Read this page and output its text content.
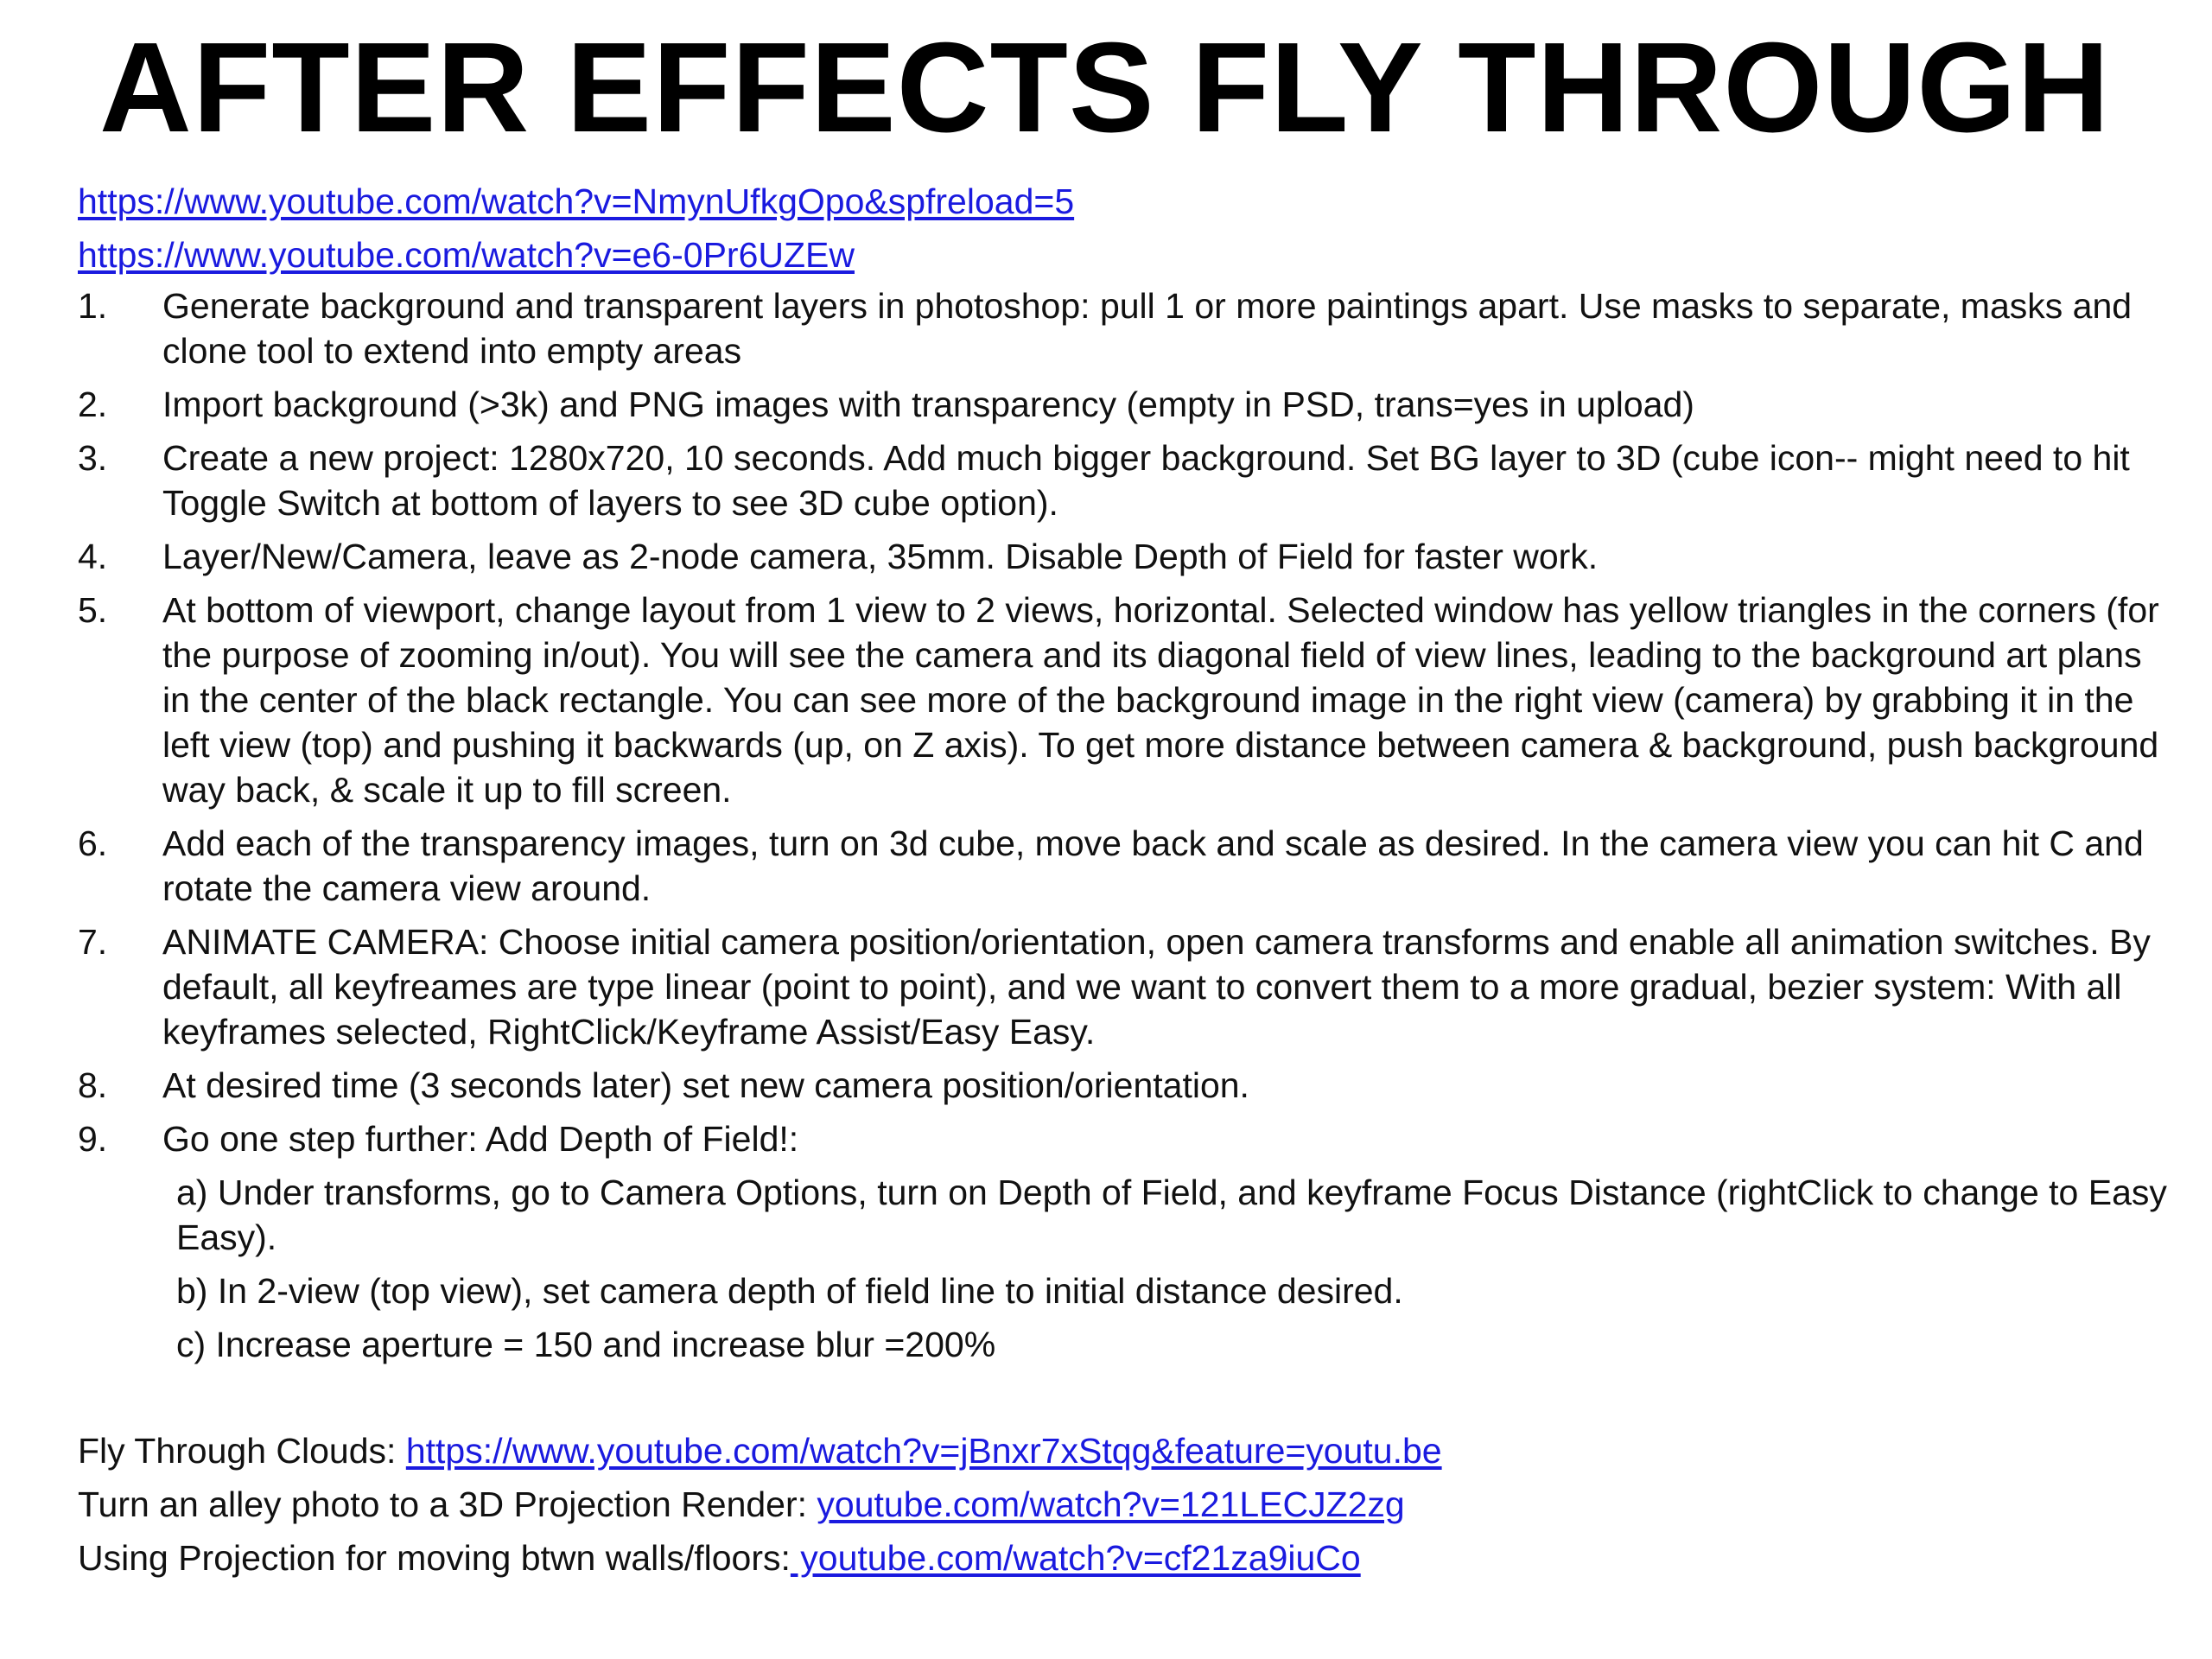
AFTER EFFECTS FLY THROUGH
https://www.youtube.com/watch?v=NmynUfkgOpo&spfreload=5
https://www.youtube.com/watch?v=e6-0Pr6UZEw
1.	Generate background and transparent layers in photoshop: pull 1 or more paintings apart. Use masks to separate, masks and clone tool to extend into empty areas
2.	Import background (>3k) and PNG images with transparency (empty in PSD, trans=yes in upload)
3.	Create a new project: 1280x720, 10 seconds. Add much bigger background. Set BG layer to 3D (cube icon-- might need to hit Toggle Switch at bottom of layers to see 3D cube option).
4.	Layer/New/Camera, leave as 2-node camera, 35mm. Disable Depth of Field for faster work.
5.	At bottom of viewport, change layout from 1 view to 2 views, horizontal. Selected window has yellow triangles in the corners (for the purpose of zooming in/out). You will see the camera and its diagonal field of view lines, leading to the background art plans in the center of the black rectangle. You can see more of the background image in the right view (camera) by grabbing it in the left view (top) and pushing it backwards (up, on Z axis). To get more distance between camera & background, push background way back, & scale it up to fill screen.
6.	Add each of the transparency images, turn on 3d cube, move back and scale as desired. In the camera view you can hit C and rotate the camera view around.
7.	ANIMATE CAMERA: Choose initial camera position/orientation, open camera transforms and enable all animation switches. By default, all keyfreames are type linear (point to point), and we want to convert them to a more gradual, bezier system: With all keyframes selected, RightClick/Keyframe Assist/Easy Easy.
8.	At desired time (3 seconds later) set new camera position/orientation.
9.	Go one step further: Add Depth of Field!:
a) Under transforms, go to Camera Options, turn on Depth of Field, and keyframe Focus Distance (rightClick to change to Easy Easy).
b) In 2-view (top view), set camera depth of field line to initial distance desired.
c) Increase aperture = 150 and increase blur =200%
Fly Through Clouds: https://www.youtube.com/watch?v=jBnxr7xStqg&feature=youtu.be
Turn an alley photo to a 3D Projection Render: youtube.com/watch?v=121LECJZ2zg
Using Projection for moving btwn walls/floors: youtube.com/watch?v=cf21za9iuCo
